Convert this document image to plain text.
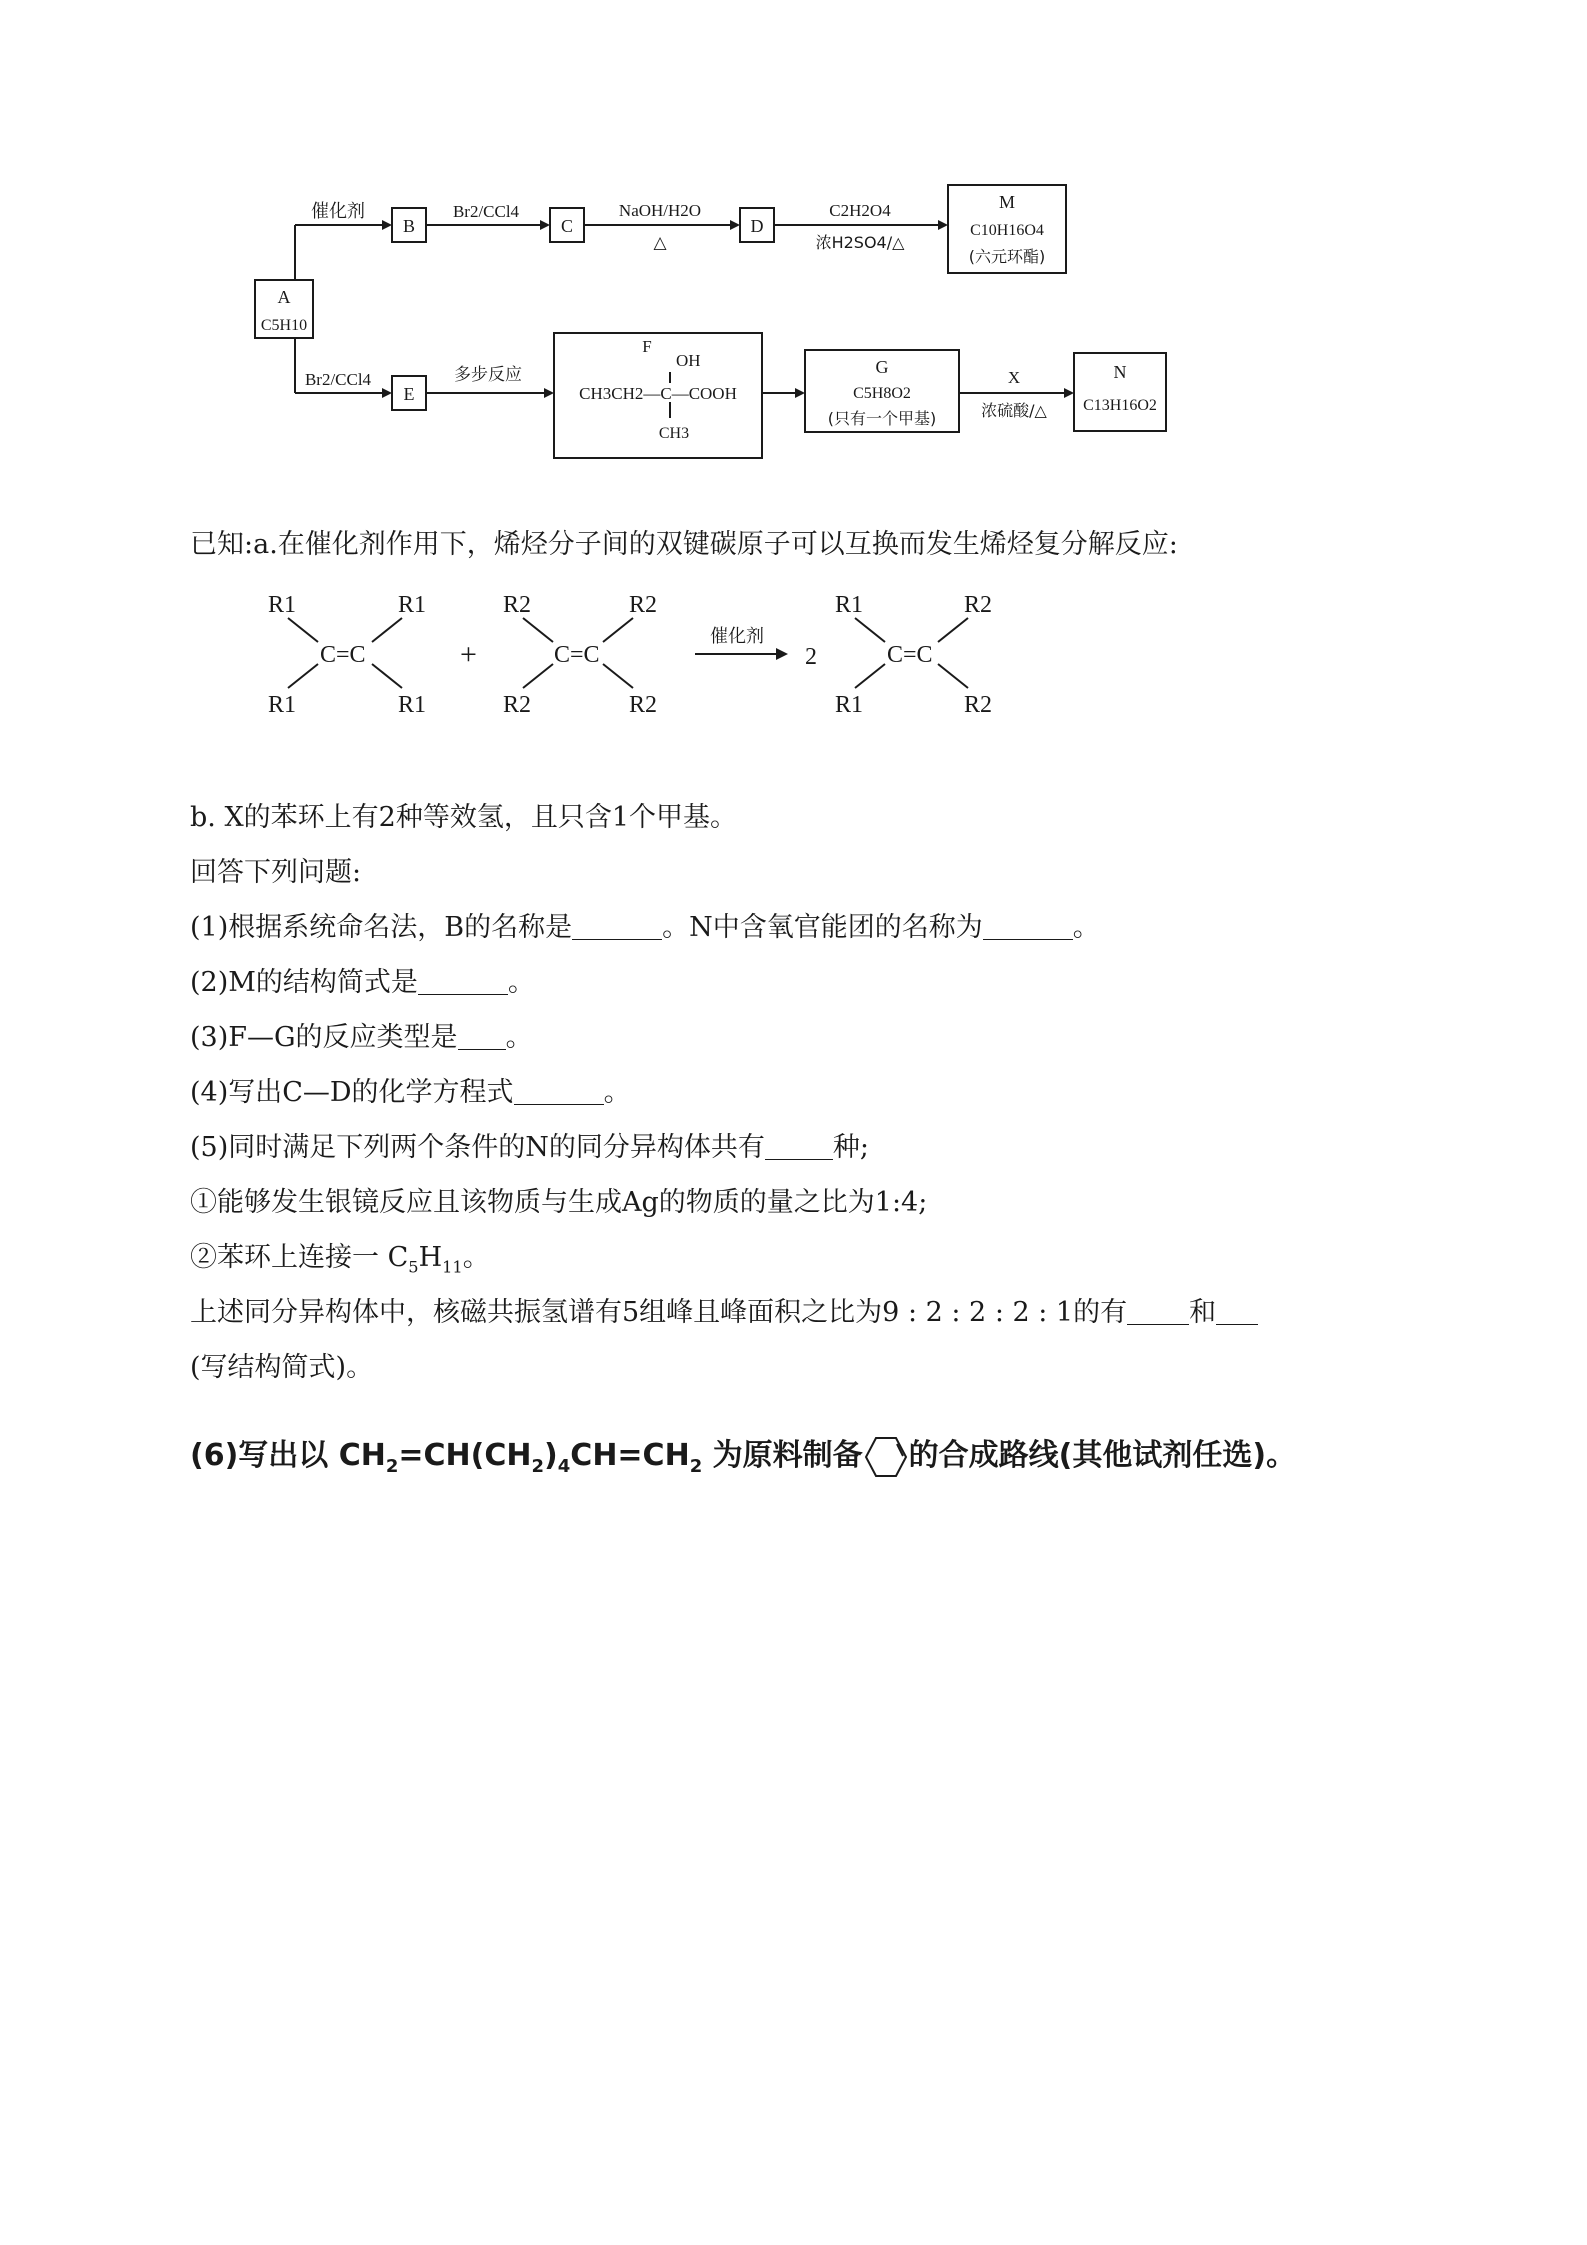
A
C5H10
催化剂
B
Br2/CCl4
C
NaOH/H2O
△
D
C2H2O4
浓H2SO4/△
M
C10H16O4
(六元环酯)
Br2/CCl4
E
多步反应
F
OH
CH3CH2—C—COOH
CH3
G
C5H8O2
(只有一个甲基)
X
浓硫酸/△
N
C13H16O2
已知:a.在催化剂作用下，烯烃分子间的双键碳原子可以互换而发生烯烃复分解反应:
R1
R1
R1
R1
C=C	+
R2
R2
R2
R2
C=C
催化剂
2
R1
R1
R2
R2
C=C
b. X的苯环上有2种等效氢，且只含1个甲基。
回答下列问题:
(1)根据系统命名法，B的名称是	。N中含氧官能团的名称为	。
(2)M的结构简式是	。
(3)F—G的反应类型是 。
(4)写出C—D的化学方程式	。
(5)同时满足下列两个条件的N的同分异构体共有	种;
①能够发生银镜反应且该物质与生成Ag的物质的量之比为1:4;
②苯环上连接一 $C_5H_{11}$。
上述同分异构体中，核磁共振氢谱有5组峰且峰面积之比为9 : 2 : 2 : 2 : 1的有 和
(写结构简式)。
(6)写出以 $CH_2=CH(CH_2)_4CH=CH_2$ 为原料制备 的合成路线(其他试剂任选)。
